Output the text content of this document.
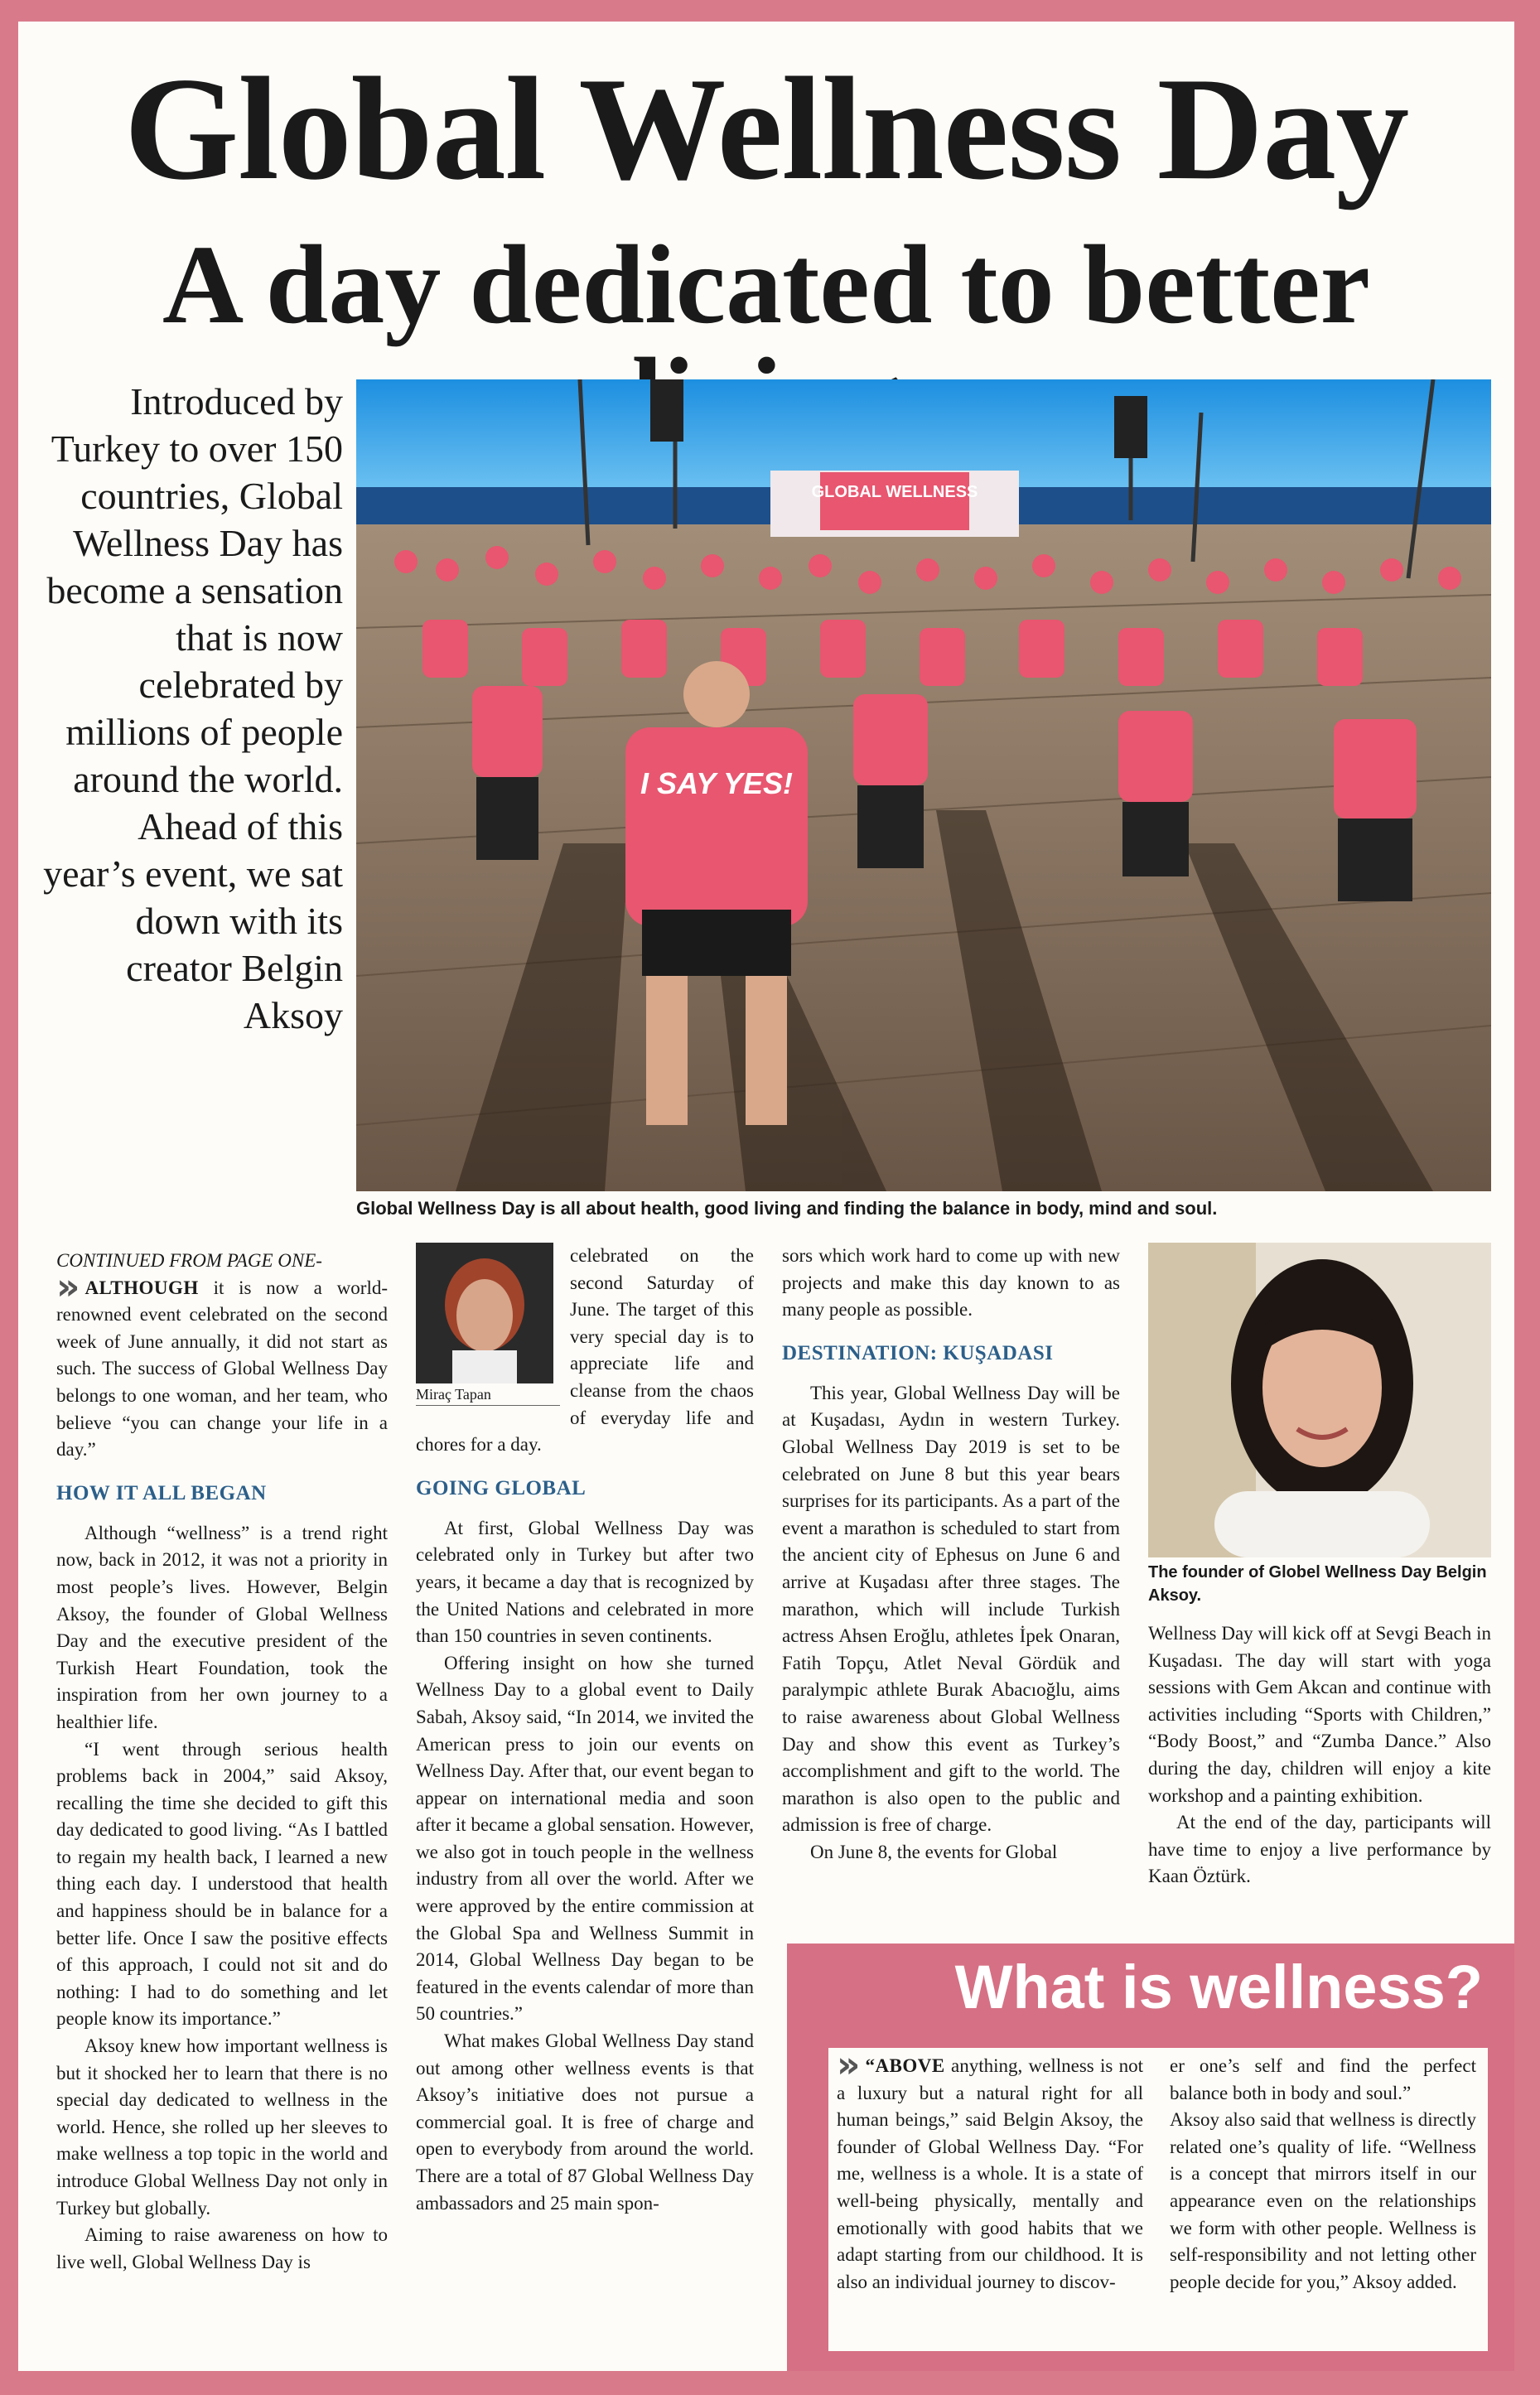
Global Wellness Day
A day dedicated to better

Introduced by Turkey to over 150 countries, Global Wellness Day has become a sensation that is now celebrated by millions of people around the world. Ahead of this year’s event, we sat down with its creator Belgin Aksoy

GLOBAL WELLNESS
I SAY YES!
Global Wellness Day is all about health, good living and finding the balance in body, mind and soul.

CONTINUED FROM PAGE ONE-

» ALTHOUGH it is now a world-renowned event celebrated on the second week of June annually, it did not start as such. The success of Global Wellness Day belongs to one woman, and her team, who believe “you can change your life in a day.”

HOW IT ALL BEGAN

Although “wellness” is a trend right now, back in 2012, it was not a priority in most people’s lives. However, Belgin Aksoy, the founder of Global Wellness Day and the executive president of the Turkish Heart Foundation, took the inspiration from her own journey to a healthier life.

“I went through serious health problems back in 2004,” said Aksoy, recalling the time she decided to gift this day dedicated to good living. “As I battled to regain my health back, I learned a new thing each day. I understood that health and happiness should be in balance for a better life. Once I saw the positive effects of this approach, I could not sit and do nothing: I had to do something and let people know its importance.”

Aksoy knew how important wellness is but it shocked her to learn that there is no special day dedicated to wellness in the world. Hence, she rolled up her sleeves to make wellness a top topic in the world and introduce Global Wellness Day not only in Turkey but globally.

Aiming to raise awareness on how to live well, Global Wellness Day is

Miraç Tapan

celebrated on the second Saturday of June. The target of this very special day is to appreciate life and cleanse from the chaos of everyday life and chores for a day.

GOING GLOBAL

At first, Global Wellness Day was celebrated only in Turkey but after two years, it became a day that is recognized by the United Nations and celebrated in more than 150 countries in seven continents.

Offering insight on how she turned Wellness Day to a global event to Daily Sabah, Aksoy said, “In 2014, we invited the American press to join our events on Wellness Day. After that, our event began to appear on international media and soon after it became a global sensation. However, we also got in touch people in the wellness industry from all over the world. After we were approved by the entire commission at the Global Spa and Wellness Summit in 2014, Global Wellness Day began to be featured in the events calendar of more than 50 countries.”

What makes Global Wellness Day stand out among other wellness events is that Aksoy’s initiative does not pursue a commercial goal. It is free of charge and open to everybody from around the world. There are a total of 87 Global Wellness Day ambassadors and 25 main spon-

sors which work hard to come up with new projects and make this day known to as many people as possible.

DESTINATION: KUŞADASI

This year, Global Wellness Day will be at Kuşadası, Aydın in western Turkey. Global Wellness Day 2019 is set to be celebrated on June 8 but this year bears surprises for its participants. As a part of the event a marathon is scheduled to start from the ancient city of Ephesus on June 6 and arrive at Kuşadası after three stages. The marathon, which will include Turkish actress Ahsen Eroğlu, athletes İpek Onaran, Fatih Topçu, Atlet Neval Gördük and paralympic athlete Burak Abacıoğlu, aims to raise awareness about Global Wellness Day and show this event as Turkey’s accomplishment and gift to the world. The marathon is also open to the public and admission is free of charge.

On June 8, the events for Global

The founder of Globel Wellness Day Belgin Aksoy.

Wellness Day will kick off at Sevgi Beach in Kuşadası. The day will start with yoga sessions with Gem Akcan and continue with activities including “Sports with Children,” “Body Boost,” and “Zumba Dance.” Also during the day, children will enjoy a kite workshop and a painting exhibition.

At the end of the day, participants will have time to enjoy a live performance by Kaan Öztürk.

What is wellness?

» “ABOVE anything, wellness is not a luxury but a natural right for all human beings,” said Belgin Aksoy, the founder of Global Wellness Day. “For me, wellness is a whole. It is a state of well-being physically, mentally and emotionally with good habits that we adapt starting from our childhood. It is also an individual journey to discov-

er one’s self and find the perfect balance both in body and soul.”

Aksoy also said that wellness is directly related one’s quality of life. “Wellness is a concept that mirrors itself in our appearance even on the relationships we form with other people. Wellness is self-responsibility and not letting other people decide for you,” Aksoy added.
